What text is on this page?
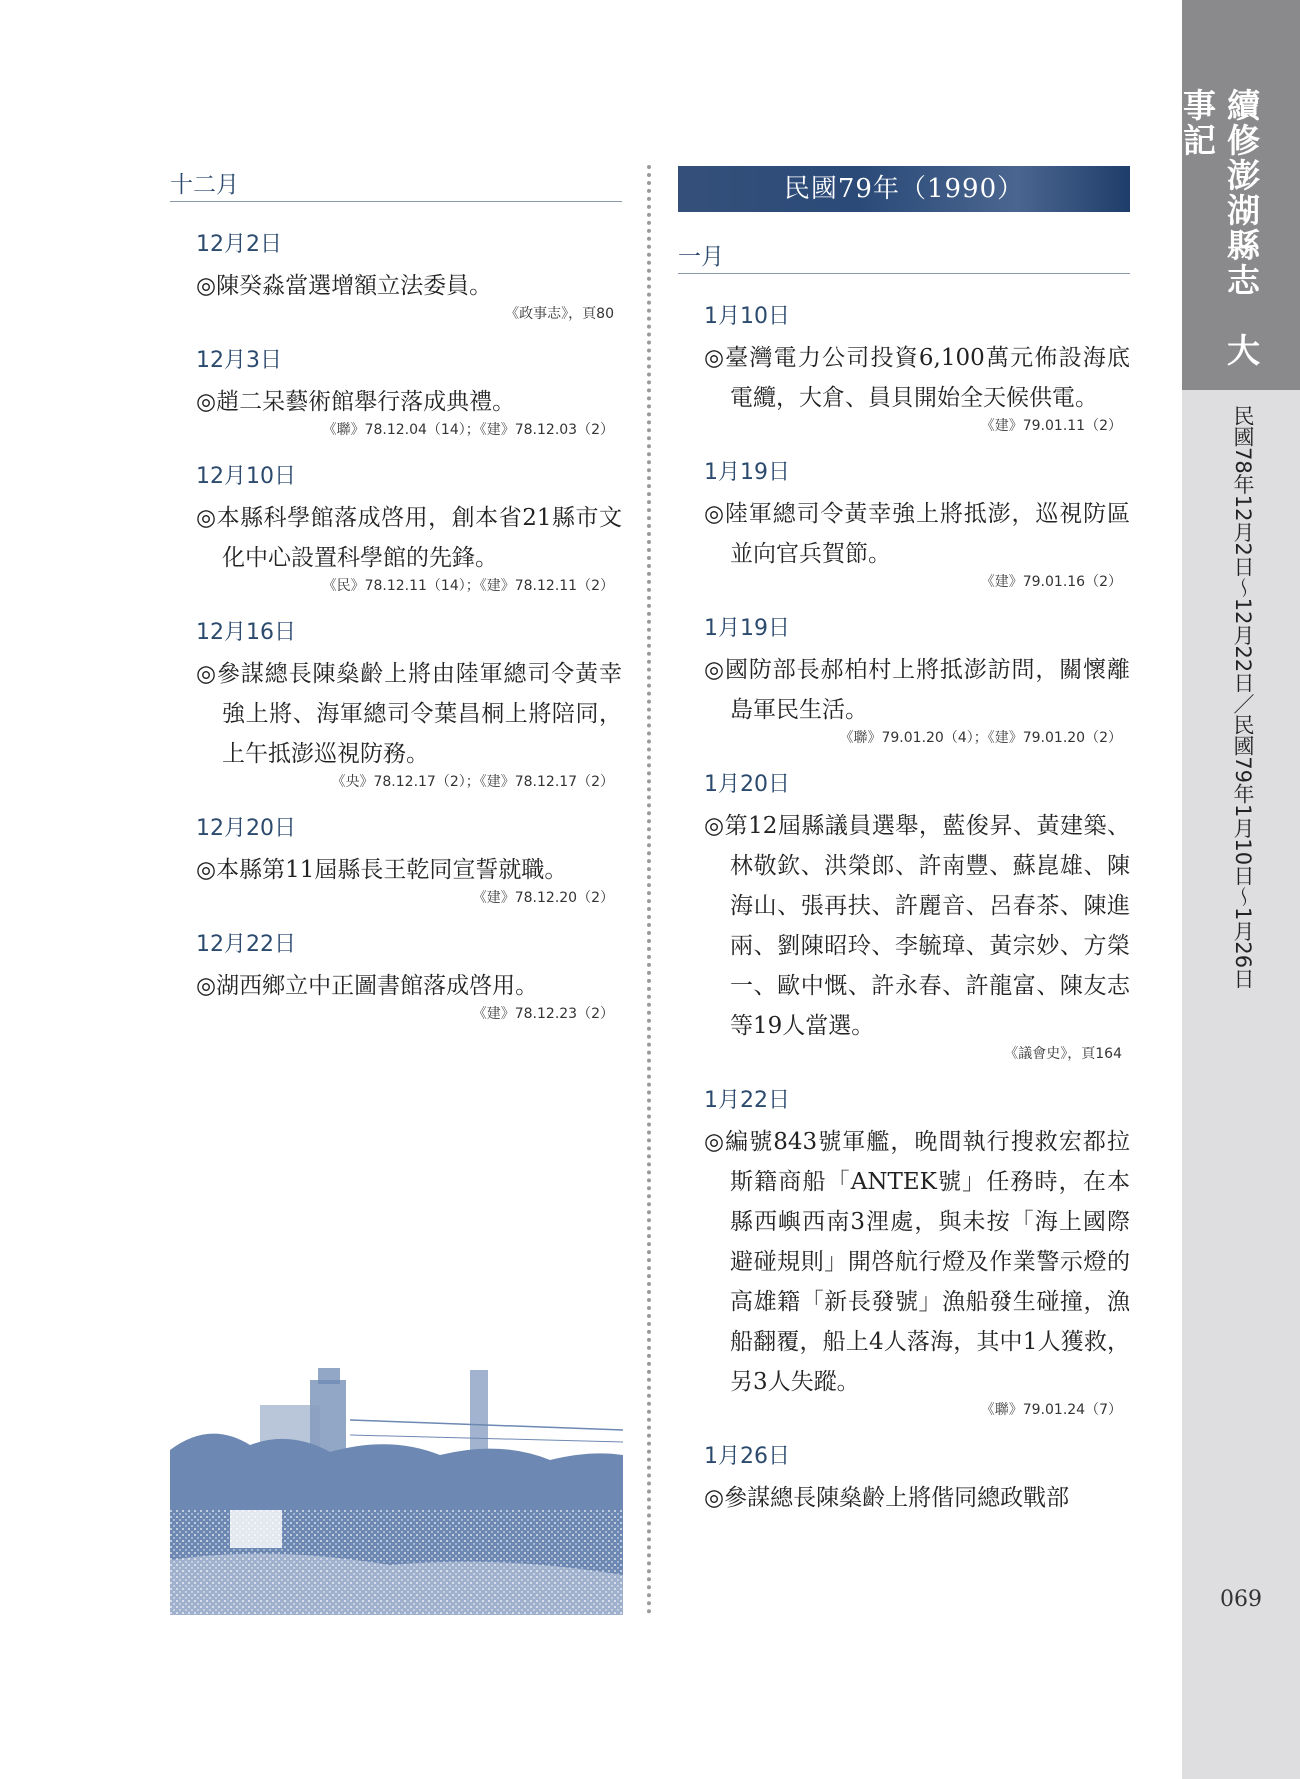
續修澎湖縣志　大事記
民國78年12月2日～12月22日／民國79年1月10日～1月26日
069
十二月
12月2日
◎陳癸淼當選增額立法委員。
《政事志》，頁80
12月3日
◎趙二呆藝術館舉行落成典禮。
《聯》78.12.04（14）；《建》78.12.03（2）
12月10日
◎本縣科學館落成啓用，創本省21縣市文化中心設置科學館的先鋒。
《民》78.12.11（14）；《建》78.12.11（2）
12月16日
◎參謀總長陳燊齡上將由陸軍總司令黃幸強上將、海軍總司令葉昌桐上將陪同，上午抵澎巡視防務。
《央》78.12.17（2）；《建》78.12.17（2）
12月20日
◎本縣第11屆縣長王乾同宣誓就職。
《建》78.12.20（2）
12月22日
◎湖西鄉立中正圖書館落成啓用。
《建》78.12.23（2）
民國79年（1990）
一月
1月10日
◎臺灣電力公司投資6,100萬元佈設海底電纜，大倉、員貝開始全天候供電。
《建》79.01.11（2）
1月19日
◎陸軍總司令黃幸強上將抵澎，巡視防區並向官兵賀節。
《建》79.01.16（2）
1月19日
◎國防部長郝柏村上將抵澎訪問，關懷離島軍民生活。
《聯》79.01.20（4）；《建》79.01.20（2）
1月20日
◎第12屆縣議員選舉，藍俊昇、黃建築、林敬欽、洪榮郎、許南豐、蘇崑雄、陳海山、張再扶、許麗音、呂春茶、陳進兩、劉陳昭玲、李毓璋、黃宗妙、方榮一、歐中慨、許永春、許龍富、陳友志等19人當選。
《議會史》，頁164
1月22日
◎編號843號軍艦，晚間執行搜救宏都拉斯籍商船「ANTEK號」任務時，在本縣西嶼西南3浬處，與未按「海上國際避碰規則」開啓航行燈及作業警示燈的高雄籍「新長發號」漁船發生碰撞，漁船翻覆，船上4人落海，其中1人獲救，另3人失蹤。
《聯》79.01.24（7）
1月26日
◎參謀總長陳燊齡上將偕同總政戰部
